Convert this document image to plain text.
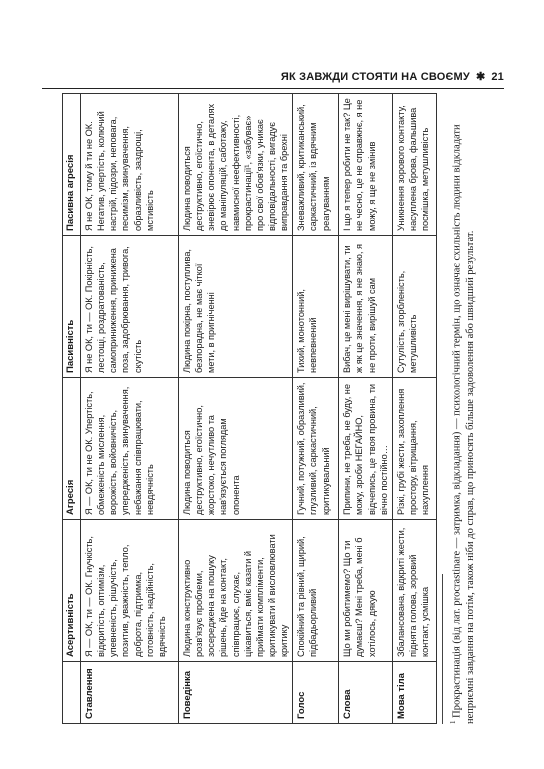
ЯК ЗАВЖДИ СТОЯТИ НА СВОЄМУ ✱ 21
	Асертивність	Агресія	Пасивність	Пасивна агресія
Ставлення	Я — ОК, ти — ОК. Гнучкість, відкритість, оптимізм, упевненість, рішучість, позитив, уважність, тепло, доброта, підтримка, готовність, надійність, вдячність	Я — ОК, ти не ОК. Упертість, обмеженість мислення, ворожість, войовничість, упередженість, звинувачення, небажання співпрацювати, невдячність	Я не ОК, ти — ОК. Покірність, лестощі, роздратованість, самоприниження, принижена поза, задобрювання, тривога, скутість	Я не ОК, тому й ти не ОК. Негатив, упертість, колючий настрій, підозри, неповага, песимізм, звинувачення, образливість, заздрощі, мстивість
Поведінка	Людина конструктивно розв'язує проблеми, зосереджена на пошуку рішень, йде на контакт, співпрацює, слухає, цікавиться, вміє казати й приймати компліменти, критикувати й висловлювати критику	Людина поводиться деструктивно, егоїстично, жорстоко, нечутливо та нав'язується поглядам опонента	Людина покірна, поступлива, безпорадна, не має чіткої мети, в пригніченні	Людина поводиться деструктивно, егоїстично, зневірює опонента, в деталях до маніпуляцій, саботажу, навмисної неефективності, прокрастинації¹, «забуває» про свої обов'язки, уникає відповідальності, вигадує виправдання та брехні
Голос	Спокійний та рівний, щирий, підбадьорливий	Гучний, потужний, образливий, глузливий, саркастичний, критикувальний	Тихий, монотонний, невпевнений	Зневажливий, критиканський, саркастичний, із вдячним реагуванням
Слова	Що ми робитимемо? Що ти думаєш? Мені треба, мені б хотілось, дякую	Припини, не треба, не буду, не можу, зроби НЕГАЙНО, відчепись, це твоя провина, ти вічно постійно…	Вибач, це мені вирішувати, ти ж як це значення, я не знаю, я не проти, вирішуй сам	І що я тепер робити не так? Це не чесно, це не справжнє, я не можу, я ще не змінив
Мова тіла	Збалансована, відкриті жести, піднята голова, зоровий контакт, усмішка	Різкі, грубі жести, захоплення простору, вітрищання, нахуплення	Сутулість, згорбленість, метушливість	Уникнення зорового контакту, насуплена брова, фальшива посмішка, метушливість
$^1$ Прокрастинація (від лат. procrastinare — затримка, відкладання) — психологічний термін, що означає схильність людини відкладати неприємні завдання на потім, також ніби до справ, що приносять більше задоволення або швидший результат.
